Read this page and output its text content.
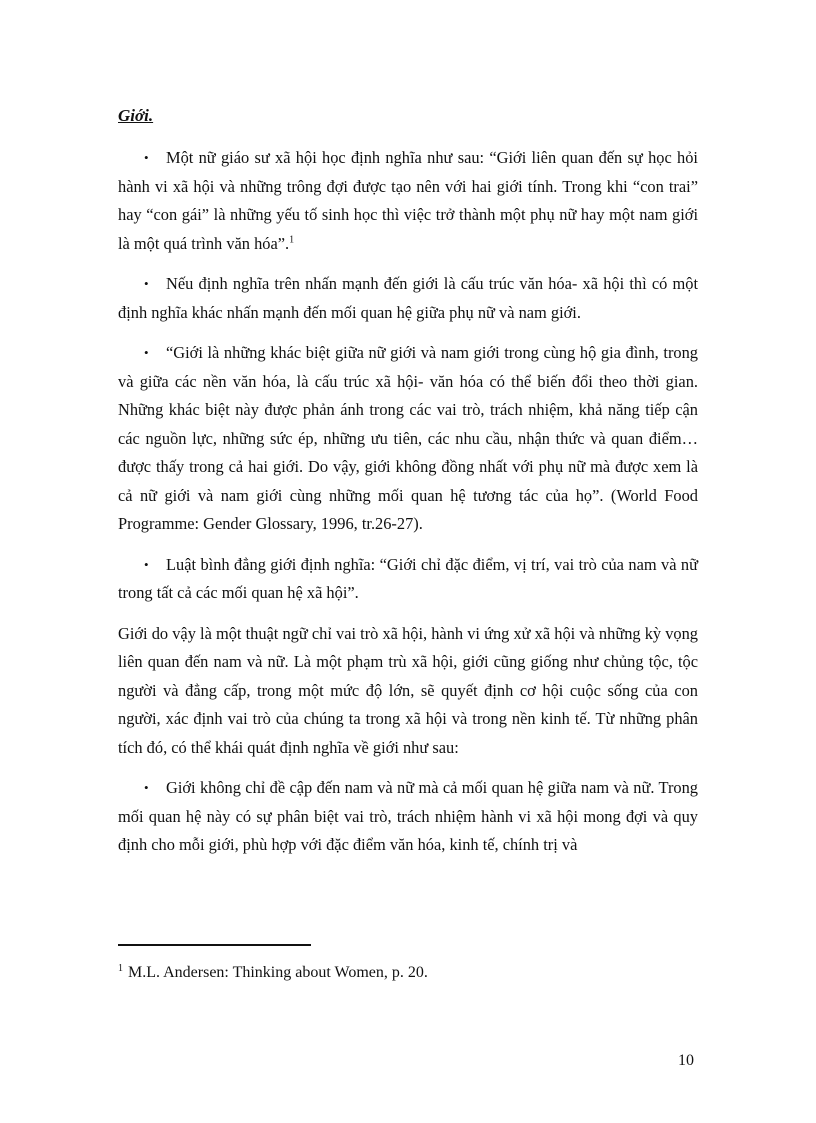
Giới.

• Một nữ giáo sư xã hội học định nghĩa như sau: “Giới liên quan đến sự học hỏi hành vi xã hội và những trông đợi được tạo nên với hai giới tính. Trong khi “con trai” hay “con gái” là những yếu tố sinh học thì việc trở thành một phụ nữ hay một nam giới là một quá trình văn hóa”.$^1$

• Nếu định nghĩa trên nhấn mạnh đến giới là cấu trúc văn hóa- xã hội thì có một định nghĩa khác nhấn mạnh đến mối quan hệ giữa phụ nữ và nam giới.

• “Giới là những khác biệt giữa nữ giới và nam giới trong cùng hộ gia đình, trong và giữa các nền văn hóa, là cấu trúc xã hội- văn hóa có thể biến đổi theo thời gian. Những khác biệt này được phản ánh trong các vai trò, trách nhiệm, khả năng tiếp cận các nguồn lực, những sức ép, những ưu tiên, các nhu cầu, nhận thức và quan điểm…được thấy trong cả hai giới. Do vậy, giới không đồng nhất với phụ nữ mà được xem là cả nữ giới và nam giới cùng những mối quan hệ tương tác của họ”. (World Food Programme: Gender Glossary, 1996, tr.26-27).

• Luật bình đẳng giới định nghĩa: “Giới chỉ đặc điểm, vị trí, vai trò của nam và nữ trong tất cả các mối quan hệ xã hội”.

Giới do vậy là một thuật ngữ chỉ vai trò xã hội, hành vi ứng xử xã hội và những kỳ vọng liên quan đến nam và nữ. Là một phạm trù xã hội, giới cũng giống như chủng tộc, tộc người và đẳng cấp, trong một mức độ lớn, sẽ quyết định cơ hội cuộc sống của con người, xác định vai trò của chúng ta trong xã hội và trong nền kinh tế. Từ những phân tích đó, có thể khái quát định nghĩa về giới như sau:

• Giới không chỉ đề cập đến nam và nữ mà cả mối quan hệ giữa nam và nữ. Trong mối quan hệ này có sự phân biệt vai trò, trách nhiệm hành vi xã hội mong đợi và quy định cho mỗi giới, phù hợp với đặc điểm văn hóa, kinh tế, chính trị và

$^1$ M.L. Andersen: Thinking about Women, p. 20.

10
